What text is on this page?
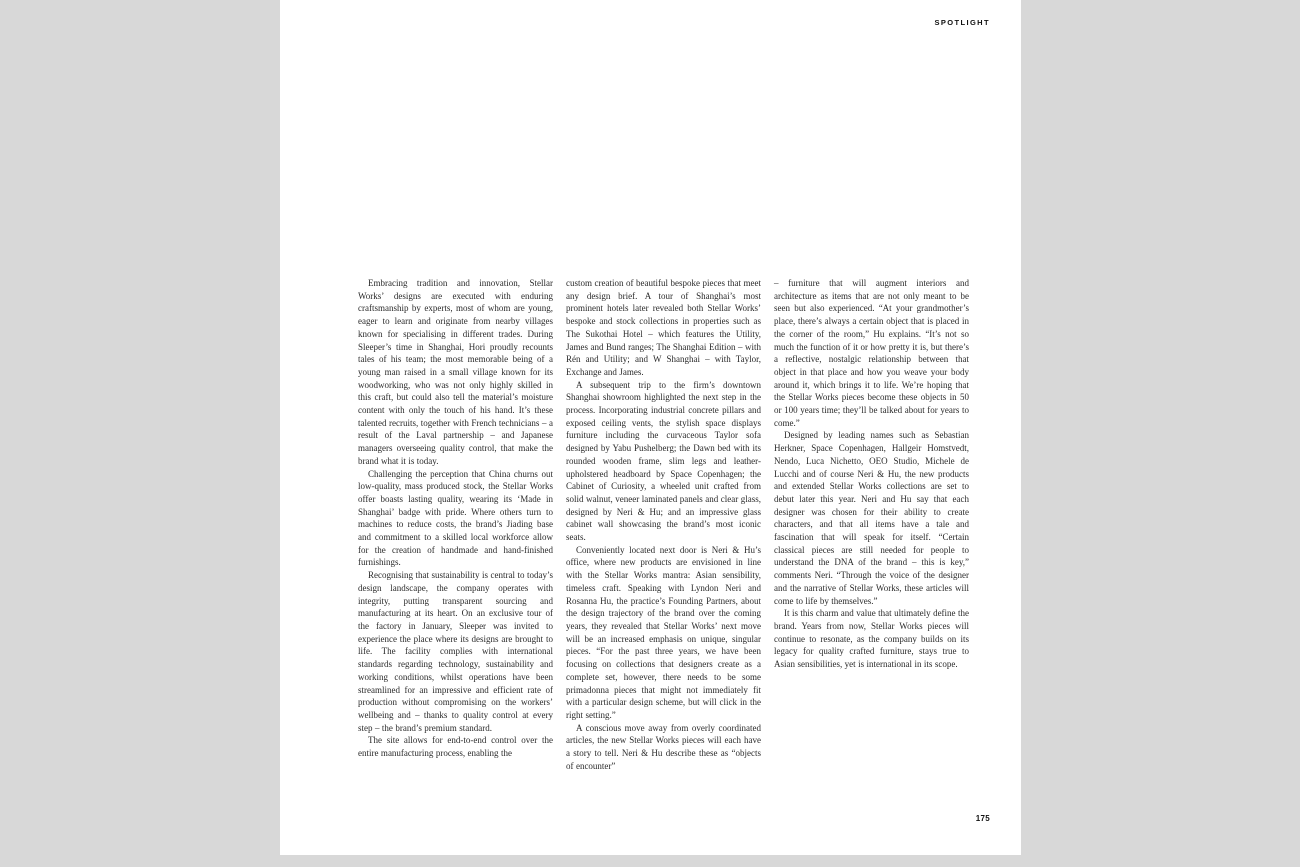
SPOTLIGHT

Embracing tradition and innovation, Stellar Works’ designs are executed with enduring craftsmanship by experts, most of whom are young, eager to learn and originate from nearby villages known for specialising in different trades. During Sleeper’s time in Shanghai, Hori proudly recounts tales of his team; the most memorable being of a young man raised in a small village known for its woodworking, who was not only highly skilled in this craft, but could also tell the material’s moisture content with only the touch of his hand. It’s these talented recruits, together with French technicians – a result of the Laval partnership – and Japanese managers overseeing quality control, that make the brand what it is today.

Challenging the perception that China churns out low-quality, mass produced stock, the Stellar Works offer boasts lasting quality, wearing its ‘Made in Shanghai’ badge with pride. Where others turn to machines to reduce costs, the brand’s Jiading base and commitment to a skilled local workforce allow for the creation of handmade and hand-finished furnishings.

Recognising that sustainability is central to today’s design landscape, the company operates with integrity, putting transparent sourcing and manufacturing at its heart. On an exclusive tour of the factory in January, Sleeper was invited to experience the place where its designs are brought to life. The facility complies with international standards regarding technology, sustainability and working conditions, whilst operations have been streamlined for an impressive and efficient rate of production without compromising on the workers’ wellbeing and – thanks to quality control at every step – the brand’s premium standard.

The site allows for end-to-end control over the entire manufacturing process, enabling the

custom creation of beautiful bespoke pieces that meet any design brief. A tour of Shanghai’s most prominent hotels later revealed both Stellar Works’ bespoke and stock collections in properties such as The Sukothai Hotel – which features the Utility, James and Bund ranges; The Shanghai Edition – with Rén and Utility; and W Shanghai – with Taylor, Exchange and James.

A subsequent trip to the firm’s downtown Shanghai showroom highlighted the next step in the process. Incorporating industrial concrete pillars and exposed ceiling vents, the stylish space displays furniture including the curvaceous Taylor sofa designed by Yabu Pushelberg; the Dawn bed with its rounded wooden frame, slim legs and leather-upholstered headboard by Space Copenhagen; the Cabinet of Curiosity, a wheeled unit crafted from solid walnut, veneer laminated panels and clear glass, designed by Neri & Hu; and an impressive glass cabinet wall showcasing the brand’s most iconic seats.

Conveniently located next door is Neri & Hu’s office, where new products are envisioned in line with the Stellar Works mantra: Asian sensibility, timeless craft. Speaking with Lyndon Neri and Rosanna Hu, the practice’s Founding Partners, about the design trajectory of the brand over the coming years, they revealed that Stellar Works’ next move will be an increased emphasis on unique, singular pieces. “For the past three years, we have been focusing on collections that designers create as a complete set, however, there needs to be some primadonna pieces that might not immediately fit with a particular design scheme, but will click in the right setting.”

A conscious move away from overly coordinated articles, the new Stellar Works pieces will each have a story to tell. Neri & Hu describe these as “objects of encounter”

– furniture that will augment interiors and architecture as items that are not only meant to be seen but also experienced. “At your grandmother’s place, there’s always a certain object that is placed in the corner of the room,” Hu explains. “It’s not so much the function of it or how pretty it is, but there’s a reflective, nostalgic relationship between that object in that place and how you weave your body around it, which brings it to life. We’re hoping that the Stellar Works pieces become these objects in 50 or 100 years time; they’ll be talked about for years to come.”

Designed by leading names such as Sebastian Herkner, Space Copenhagen, Hallgeir Homstvedt, Nendo, Luca Nichetto, OEO Studio, Michele de Lucchi and of course Neri & Hu, the new products and extended Stellar Works collections are set to debut later this year. Neri and Hu say that each designer was chosen for their ability to create characters, and that all items have a tale and fascination that will speak for itself. “Certain classical pieces are still needed for people to understand the DNA of the brand – this is key,” comments Neri. “Through the voice of the designer and the narrative of Stellar Works, these articles will come to life by themselves.”

It is this charm and value that ultimately define the brand. Years from now, Stellar Works pieces will continue to resonate, as the company builds on its legacy for quality crafted furniture, stays true to Asian sensibilities, yet is international in its scope.

175
